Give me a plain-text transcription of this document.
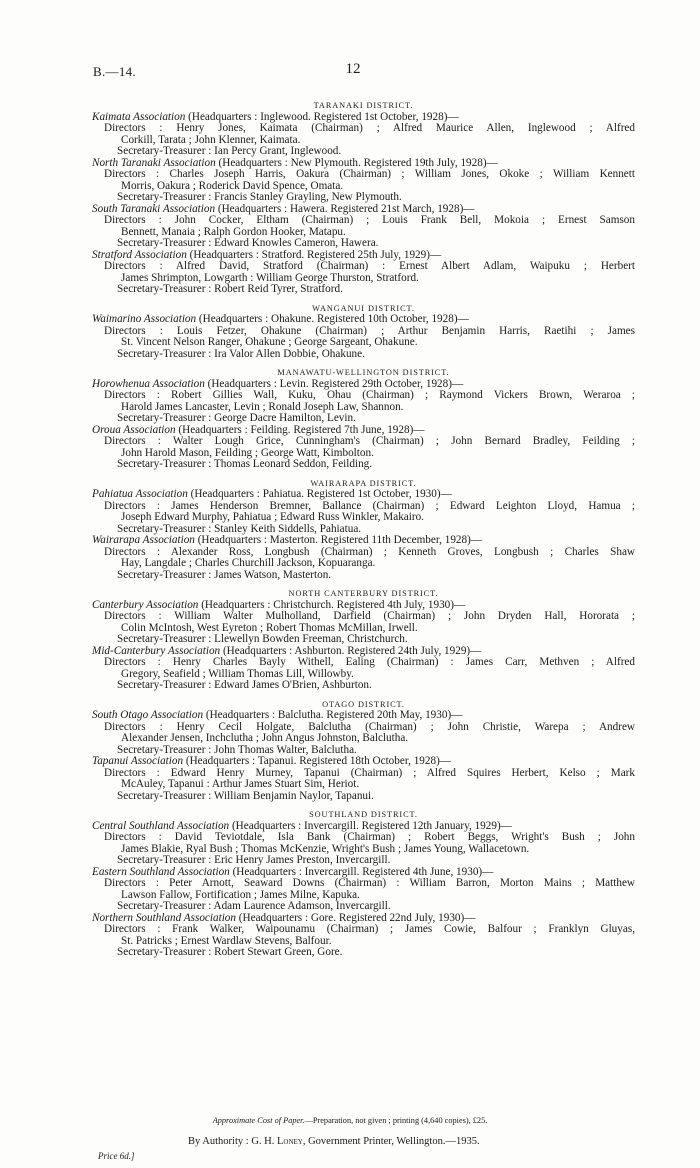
B.—14.	12
TARANAKI DISTRICT.
Kaimata Association (Headquarters : Inglewood. Registered 1st October, 1928)—
Directors : Henry Jones, Kaimata (Chairman) ; Alfred Maurice Allen, Inglewood ; Alfred
Corkill, Tarata ; John Klenner, Kaimata.
Secretary-Treasurer : Ian Percy Grant, Inglewood.
North Taranaki Association (Headquarters : New Plymouth. Registered 19th July, 1928)—
Directors : Charles Joseph Harris, Oakura (Chairman) ; William Jones, Okoke ; William Kennett
Morris, Oakura ; Roderick David Spence, Omata.
Secretary-Treasurer : Francis Stanley Grayling, New Plymouth.
South Taranaki Association (Headquarters : Hawera. Registered 21st March, 1928)—
Directors : John Cocker, Eltham (Chairman) ; Louis Frank Bell, Mokoia ; Ernest Samson
Bennett, Manaia ; Ralph Gordon Hooker, Matapu.
Secretary-Treasurer : Edward Knowles Cameron, Hawera.
Stratford Association (Headquarters : Stratford. Registered 25th July, 1929)—
Directors : Alfred David, Stratford (Chairman) : Ernest Albert Adlam, Waipuku ; Herbert
James Shrimpton, Lowgarth : William George Thurston, Stratford.
Secretary-Treasurer : Robert Reid Tyrer, Stratford.
WANGANUI DISTRICT.
Waimarino Association (Headquarters : Ohakune. Registered 10th October, 1928)—
Directors : Louis Fetzer, Ohakune (Chairman) ; Arthur Benjamin Harris, Raetihi ; James
St. Vincent Nelson Ranger, Ohakune ; George Sargeant, Ohakune.
Secretary-Treasurer : Ira Valor Allen Dobbie, Ohakune.
MANAWATU-WELLINGTON DISTRICT.
Horowhenua Association (Headquarters : Levin. Registered 29th October, 1928)—
Directors : Robert Gillies Wall, Kuku, Ohau (Chairman) ; Raymond Vickers Brown, Weraroa ;
Harold James Lancaster, Levin ; Ronald Joseph Law, Shannon.
Secretary-Treasurer : George Dacre Hamilton, Levin.
Oroua Association (Headquarters : Feilding. Registered 7th June, 1928)—
Directors : Walter Lough Grice, Cunningham's (Chairman) ; John Bernard Bradley, Feilding ;
John Harold Mason, Feilding ; George Watt, Kimbolton.
Secretary-Treasurer : Thomas Leonard Seddon, Feilding.
WAIRARAPA DISTRICT.
Pahiatua Association (Headquarters : Pahiatua. Registered 1st October, 1930)—
Directors : James Henderson Bremner, Ballance (Chairman) ; Edward Leighton Lloyd, Hamua ;
Joseph Edward Murphy, Pahiatua ; Edward Russ Winkler, Makairo.
Secretary-Treasurer : Stanley Keith Siddells, Pahiatua.
Wairarapa Association (Headquarters : Masterton. Registered 11th December, 1928)—
Directors : Alexander Ross, Longbush (Chairman) ; Kenneth Groves, Longbush ; Charles Shaw
Hay, Langdale ; Charles Churchill Jackson, Kopuaranga.
Secretary-Treasurer : James Watson, Masterton.
NORTH CANTERBURY DISTRICT.
Canterbury Association (Headquarters : Christchurch. Registered 4th July, 1930)—
Directors : William Walter Mulholland, Darfield (Chairman) ; John Dryden Hall, Hororata ;
Colin McIntosh, West Eyreton ; Robert Thomas McMillan, Irwell.
Secretary-Treasurer : Llewellyn Bowden Freeman, Christchurch.
Mid-Canterbury Association (Headquarters : Ashburton. Registered 24th July, 1929)—
Directors : Henry Charles Bayly Withell, Ealing (Chairman) : James Carr, Methven ; Alfred
Gregory, Seafield ; William Thomas Lill, Willowby.
Secretary-Treasurer : Edward James O'Brien, Ashburton.
OTAGO DISTRICT.
South Otago Association (Headquarters : Balclutha. Registered 20th May, 1930)—
Directors : Henry Cecil Holgate, Balclutha (Chairman) ; John Christie, Warepa ; Andrew
Alexander Jensen, Inchclutha ; John Angus Johnston, Balclutha.
Secretary-Treasurer : John Thomas Walter, Balclutha.
Tapanui Association (Headquarters : Tapanui. Registered 18th October, 1928)—
Directors : Edward Henry Murney, Tapanui (Chairman) ; Alfred Squires Herbert, Kelso ; Mark
McAuley, Tapanui : Arthur James Stuart Sim, Heriot.
Secretary-Treasurer : William Benjamin Naylor, Tapanui.
SOUTHLAND DISTRICT.
Central Southland Association (Headquarters : Invercargill. Registered 12th January, 1929)—
Directors : David Teviotdale, Isla Bank (Chairman) ; Robert Beggs, Wright's Bush ; John
James Blakie, Ryal Bush ; Thomas McKenzie, Wright's Bush ; James Young, Wallacetown.
Secretary-Treasurer : Eric Henry James Preston, Invercargill.
Eastern Southland Association (Headquarters : Invercargill. Registered 4th June, 1930)—
Directors : Peter Arnott, Seaward Downs (Chairman) : William Barron, Morton Mains ; Matthew
Lawson Fallow, Fortification ; James Milne, Kapuka.
Secretary-Treasurer : Adam Laurence Adamson, Invercargill.
Northern Southland Association (Headquarters : Gore. Registered 22nd July, 1930)—
Directors : Frank Walker, Waipounamu (Chairman) ; James Cowie, Balfour ; Franklyn Gluyas,
St. Patricks ; Ernest Wardlaw Stevens, Balfour.
Secretary-Treasurer : Robert Stewart Green, Gore.
Approximate Cost of Paper.—Preparation, not given ; printing (4,640 copies), £25.
By Authority : G. H. Loney, Government Printer, Wellington.—1935.
Price 6d.]
